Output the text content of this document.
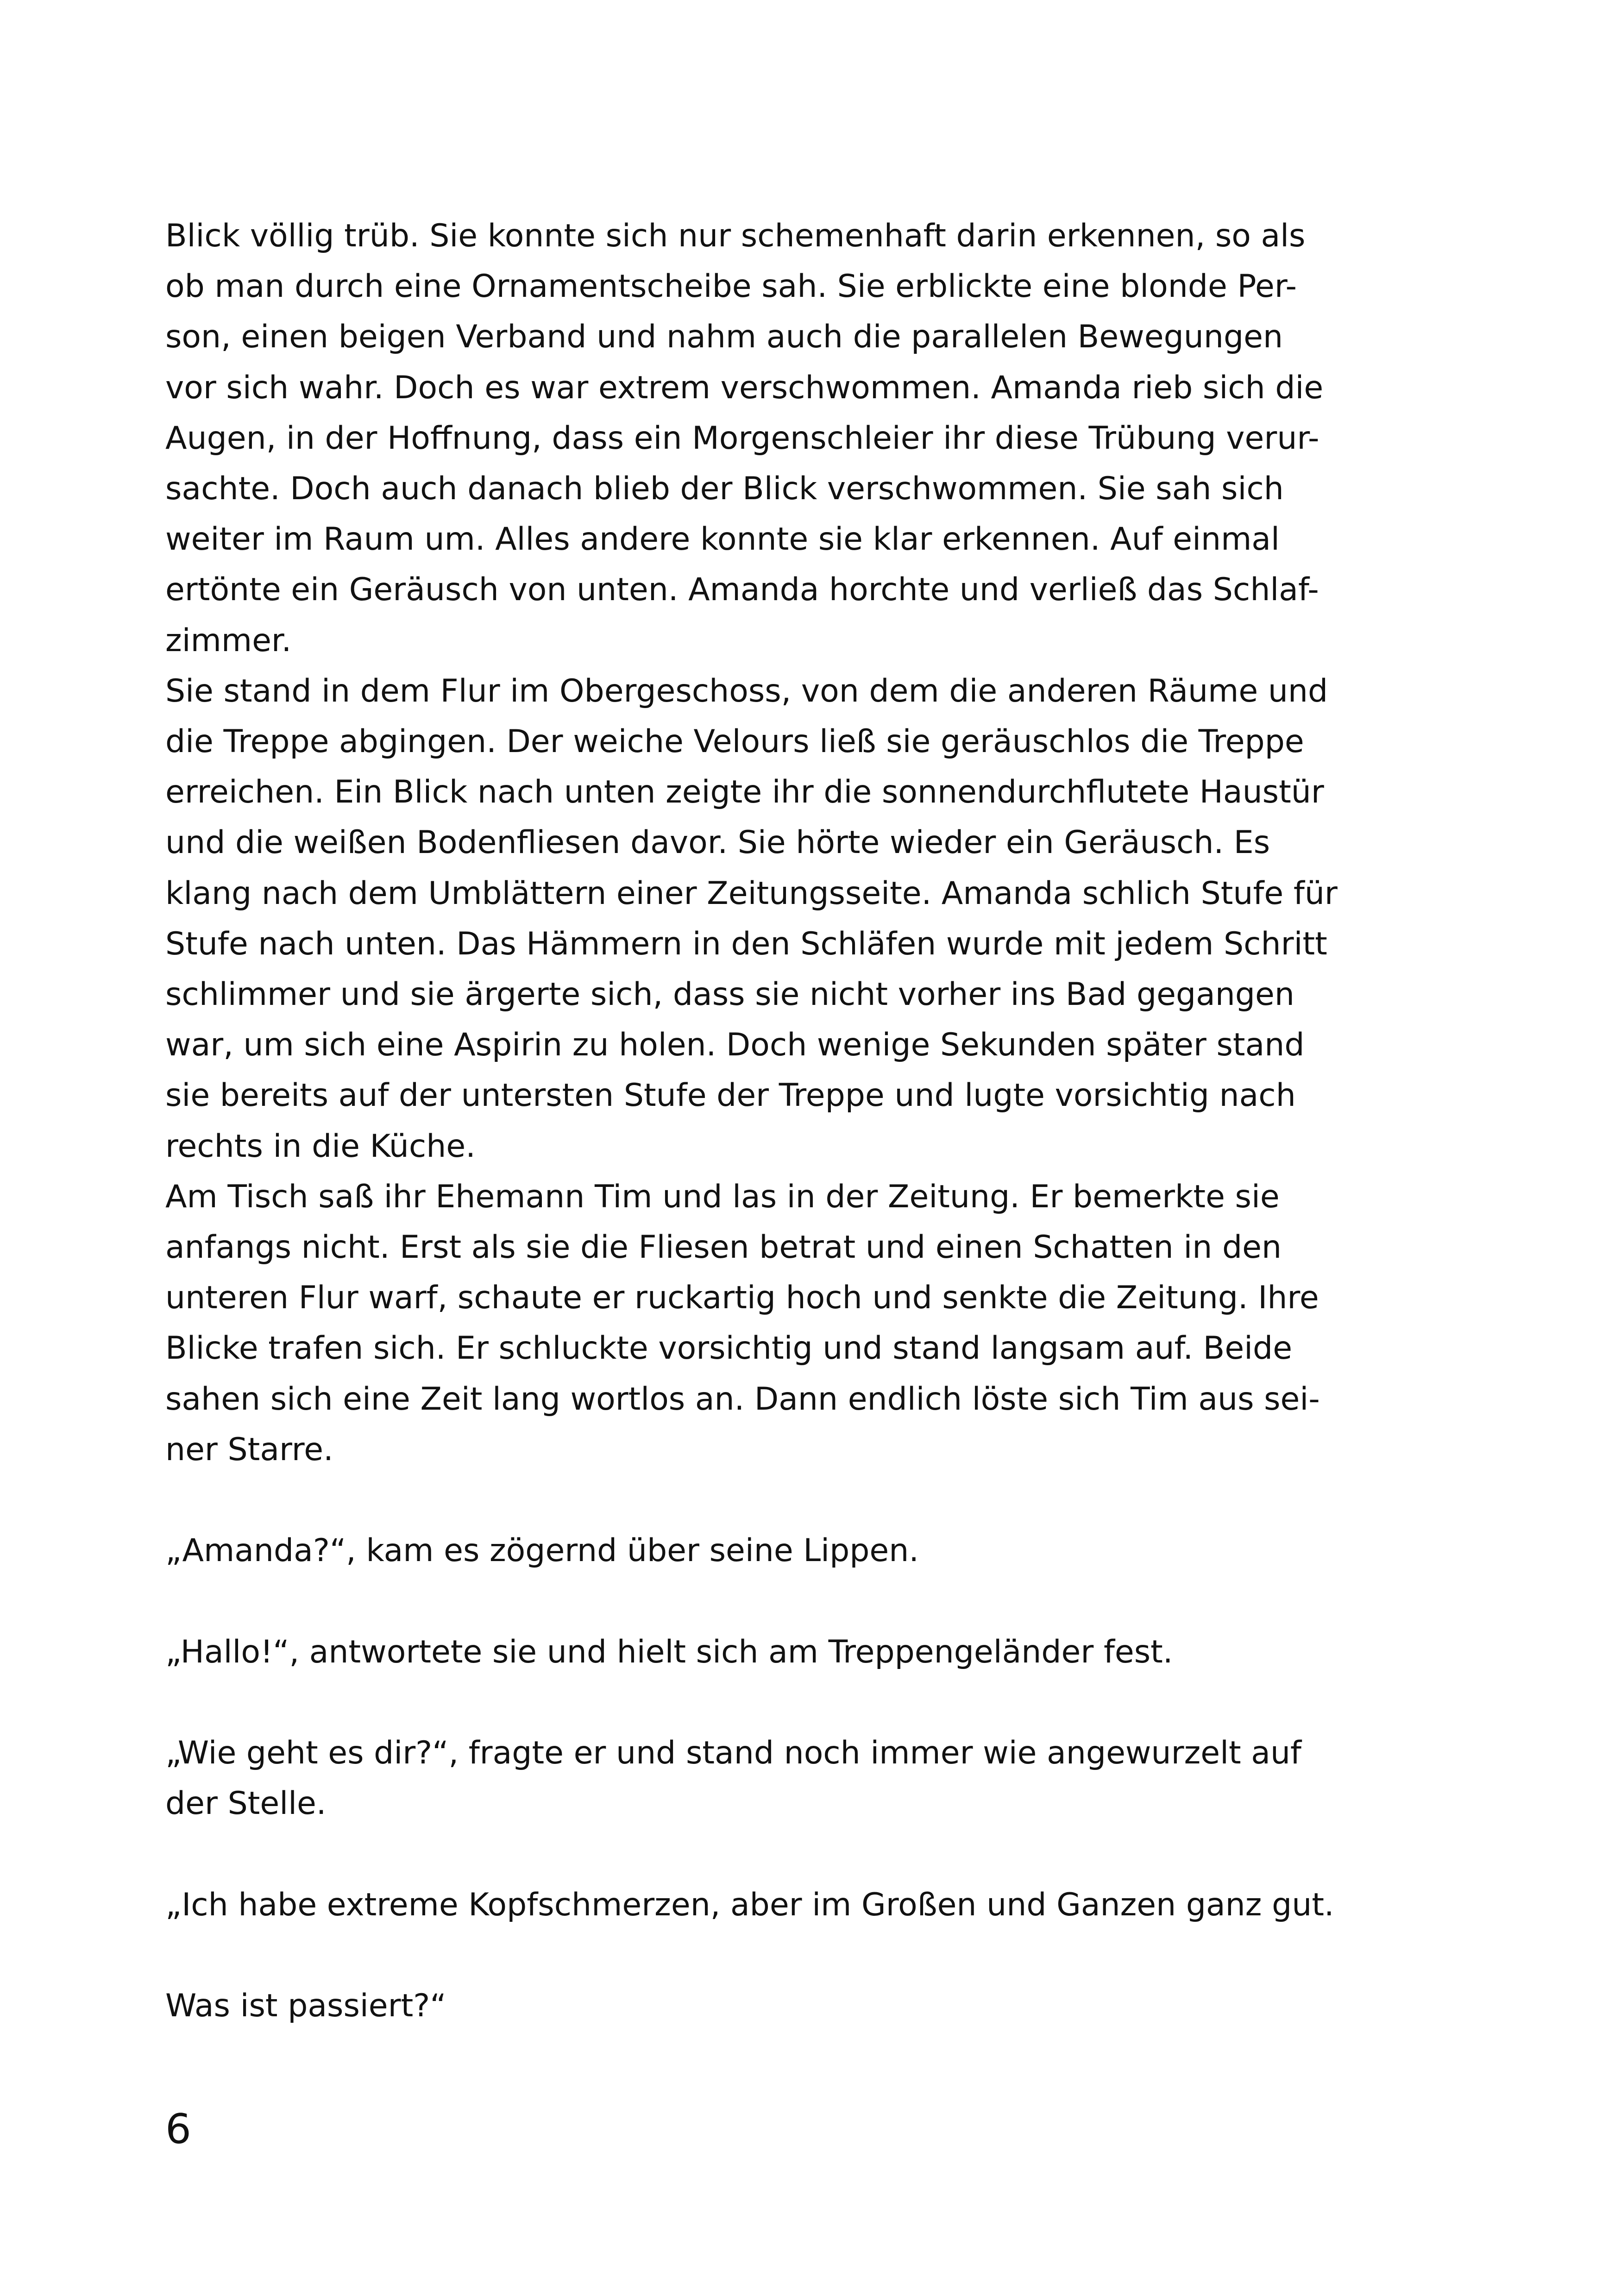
Blick völlig trüb. Sie konnte sich nur schemenhaft darin erkennen, so als
ob man durch eine Ornamentscheibe sah. Sie erblickte eine blonde Per-
son, einen beigen Verband und nahm auch die parallelen Bewegungen
vor sich wahr. Doch es war extrem verschwommen. Amanda rieb sich die
Augen, in der Hoffnung, dass ein Morgenschleier ihr diese Trübung verur-
sachte. Doch auch danach blieb der Blick verschwommen. Sie sah sich
weiter im Raum um. Alles andere konnte sie klar erkennen. Auf einmal
ertönte ein Geräusch von unten. Amanda horchte und verließ das Schlaf-
zimmer.
Sie stand in dem Flur im Obergeschoss, von dem die anderen Räume und
die Treppe abgingen. Der weiche Velours ließ sie geräuschlos die Treppe
erreichen. Ein Blick nach unten zeigte ihr die sonnendurchflutete Haustür
und die weißen Bodenfliesen davor. Sie hörte wieder ein Geräusch. Es
klang nach dem Umblättern einer Zeitungsseite. Amanda schlich Stufe für
Stufe nach unten. Das Hämmern in den Schläfen wurde mit jedem Schritt
schlimmer und sie ärgerte sich, dass sie nicht vorher ins Bad gegangen
war, um sich eine Aspirin zu holen. Doch wenige Sekunden später stand
sie bereits auf der untersten Stufe der Treppe und lugte vorsichtig nach
rechts in die Küche.
Am Tisch saß ihr Ehemann Tim und las in der Zeitung. Er bemerkte sie
anfangs nicht. Erst als sie die Fliesen betrat und einen Schatten in den
unteren Flur warf, schaute er ruckartig hoch und senkte die Zeitung. Ihre
Blicke trafen sich. Er schluckte vorsichtig und stand langsam auf. Beide
sahen sich eine Zeit lang wortlos an. Dann endlich löste sich Tim aus sei-
ner Starre.
„Amanda?“, kam es zögernd über seine Lippen.
„Hallo!“, antwortete sie und hielt sich am Treppengeländer fest.
„Wie geht es dir?“, fragte er und stand noch immer wie angewurzelt auf
der Stelle.
„Ich habe extreme Kopfschmerzen, aber im Großen und Ganzen ganz gut.
Was ist passiert?“
6
